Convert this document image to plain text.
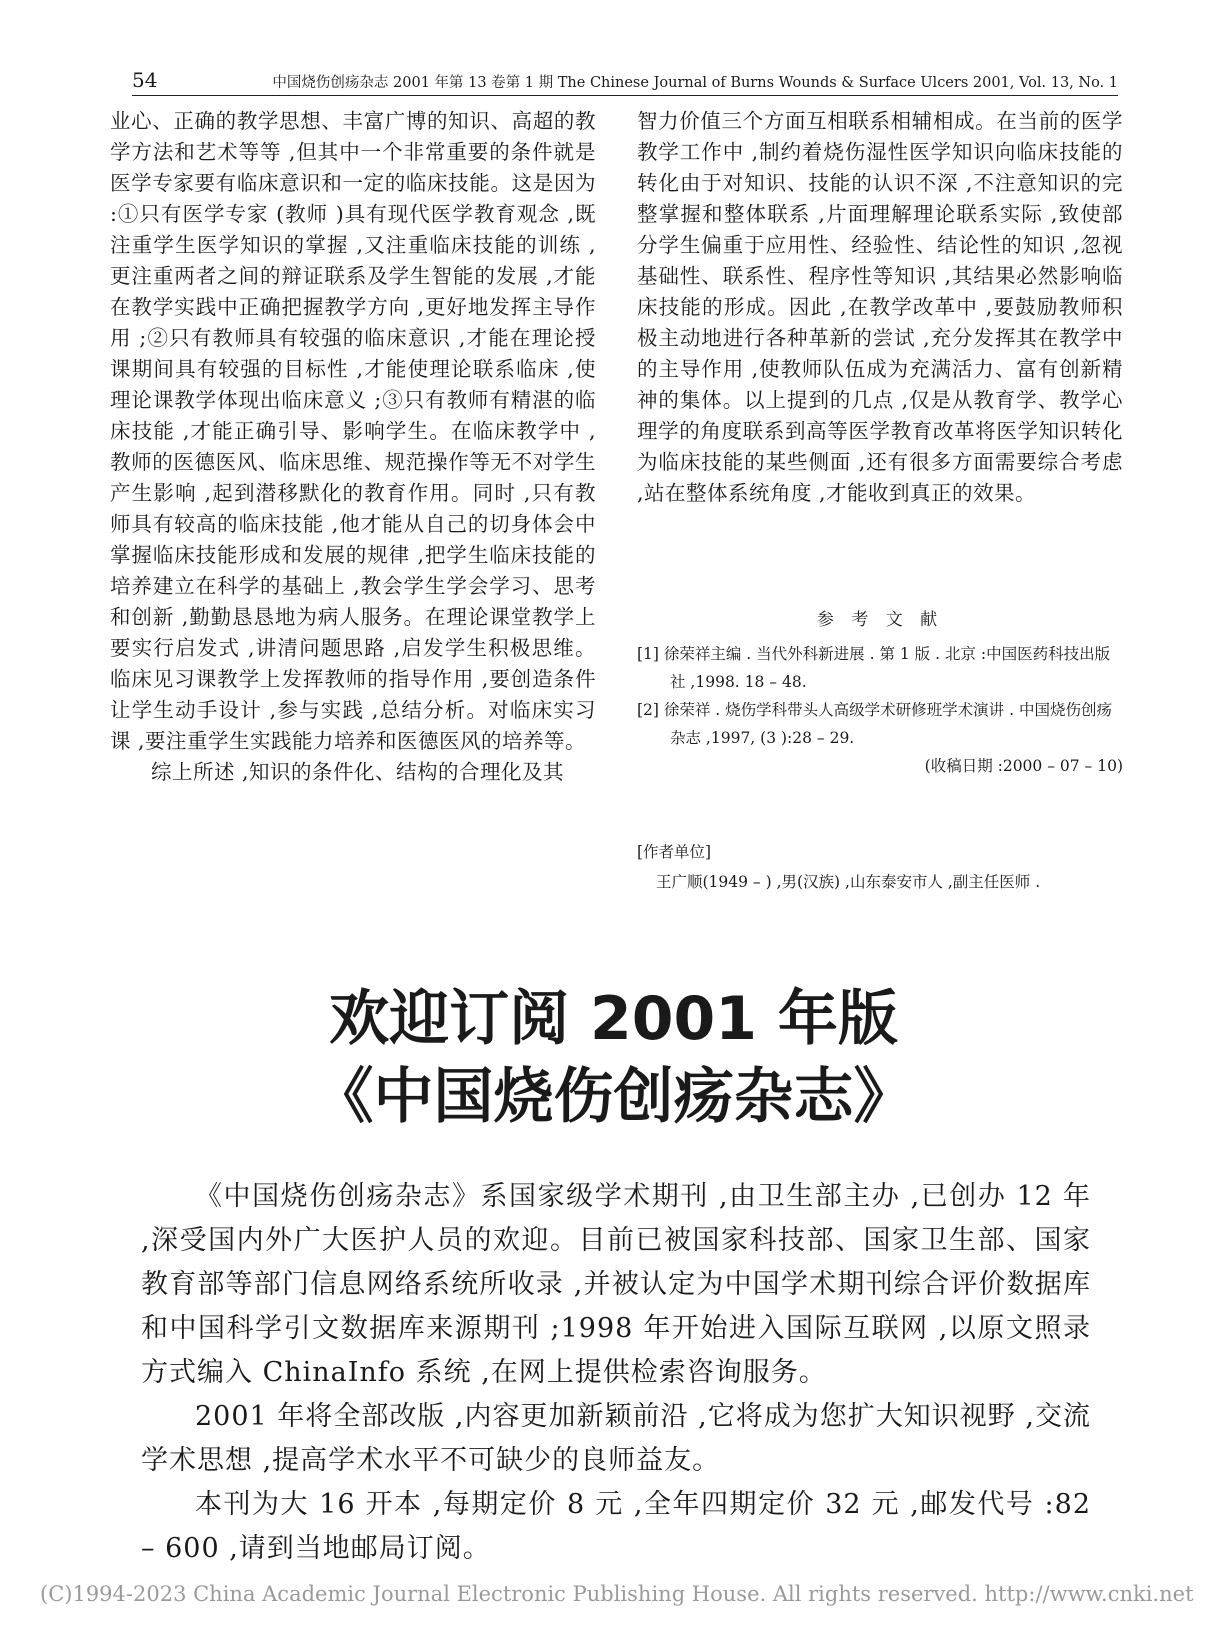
54	中国烧伤创疡杂志 2001 年第 13 卷第 1 期 The Chinese Journal of Burns Wounds & Surface Ulcers 2001, Vol. 13, No. 1

业心、正确的教学思想、丰富广博的知识、高超的教学方法和艺术等等 ,但其中一个非常重要的条件就是医学专家要有临床意识和一定的临床技能。这是因为 :①只有医学专家 (教师 )具有现代医学教育观念 ,既注重学生医学知识的掌握 ,又注重临床技能的训练 ,更注重两者之间的辩证联系及学生智能的发展 ,才能在教学实践中正确把握教学方向 ,更好地发挥主导作用 ;②只有教师具有较强的临床意识 ,才能在理论授课期间具有较强的目标性 ,才能使理论联系临床 ,使理论课教学体现出临床意义 ;③只有教师有精湛的临床技能 ,才能正确引导、影响学生。在临床教学中 ,教师的医德医风、临床思维、规范操作等无不对学生产生影响 ,起到潜移默化的教育作用。同时 ,只有教师具有较高的临床技能 ,他才能从自己的切身体会中掌握临床技能形成和发展的规律 ,把学生临床技能的培养建立在科学的基础上 ,教会学生学会学习、思考和创新 ,勤勤恳恳地为病人服务。在理论课堂教学上要实行启发式 ,讲清问题思路 ,启发学生积极思维。临床见习课教学上发挥教师的指导作用 ,要创造条件让学生动手设计 ,参与实践 ,总结分析。对临床实习课 ,要注重学生实践能力培养和医德医风的培养等。

综上所述 ,知识的条件化、结构的合理化及其

智力价值三个方面互相联系相辅相成。在当前的医学教学工作中 ,制约着烧伤湿性医学知识向临床技能的转化由于对知识、技能的认识不深 ,不注意知识的完整掌握和整体联系 ,片面理解理论联系实际 ,致使部分学生偏重于应用性、经验性、结论性的知识 ,忽视基础性、联系性、程序性等知识 ,其结果必然影响临床技能的形成。因此 ,在教学改革中 ,要鼓励教师积极主动地进行各种革新的尝试 ,充分发挥其在教学中的主导作用 ,使教师队伍成为充满活力、富有创新精神的集体。以上提到的几点 ,仅是从教育学、教学心理学的角度联系到高等医学教育改革将医学知识转化为临床技能的某些侧面 ,还有很多方面需要综合考虑 ,站在整体系统角度 ,才能收到真正的效果。

参 考 文 献

[1] 徐荣祥主编 . 当代外科新进展 . 第 1 版 . 北京 :中国医药科技出版社 ,1998. 18 – 48.

[2] 徐荣祥 . 烧伤学科带头人高级学术研修班学术演讲 . 中国烧伤创疡杂志 ,1997, (3 ):28 – 29.

(收稿日期 :2000 – 07 – 10)

[作者单位]

王广顺(1949 – ) ,男(汉族) ,山东泰安市人 ,副主任医师 .

欢迎订阅 2001 年版
《中国烧伤创疡杂志》

《中国烧伤创疡杂志》系国家级学术期刊 ,由卫生部主办 ,已创办 12 年 ,深受国内外广大医护人员的欢迎。目前已被国家科技部、国家卫生部、国家教育部等部门信息网络系统所收录 ,并被认定为中国学术期刊综合评价数据库和中国科学引文数据库来源期刊 ;1998 年开始进入国际互联网 ,以原文照录方式编入 ChinaInfo 系统 ,在网上提供检索咨询服务。

2001 年将全部改版 ,内容更加新颖前沿 ,它将成为您扩大知识视野 ,交流学术思想 ,提高学术水平不可缺少的良师益友。

本刊为大 16 开本 ,每期定价 8 元 ,全年四期定价 32 元 ,邮发代号 :82 – 600 ,请到当地邮局订阅。

(C)1994-2023 China Academic Journal Electronic Publishing House. All rights reserved. http://www.cnki.net
